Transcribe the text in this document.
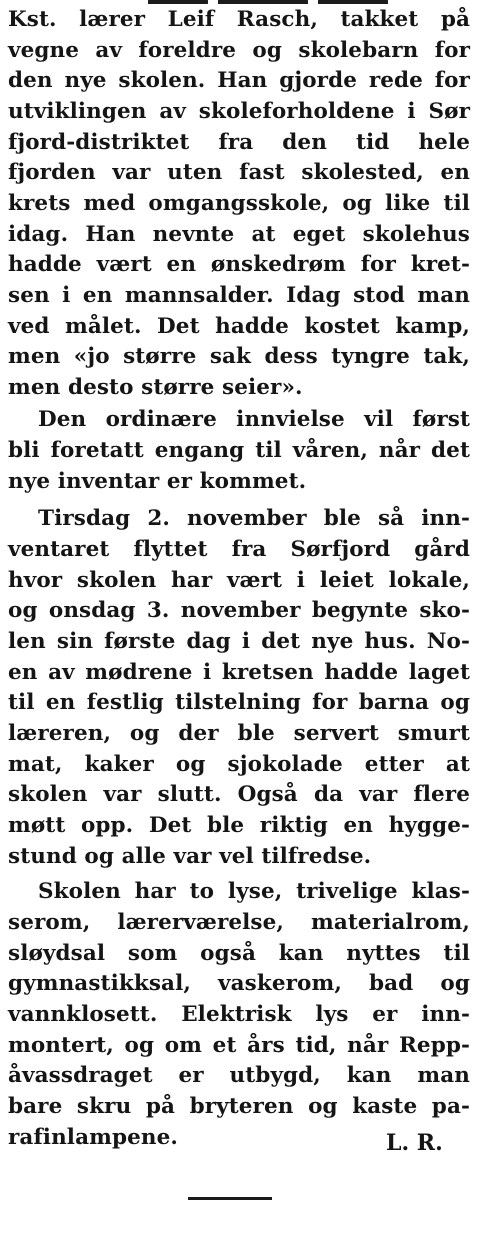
Kst. lærer Leif Rasch, takket på
vegne av foreldre og skolebarn for
den nye skolen. Han gjorde rede for
utviklingen av skoleforholdene i Sør
fjord-distriktet fra den tid hele
fjorden var uten fast skolested, en
krets med omgangsskole, og like til
idag. Han nevnte at eget skolehus
hadde vært en ønskedrøm for kret-
sen i en mannsalder. Idag stod man
ved målet. Det hadde kostet kamp,
men «jo større sak dess tyngre tak,
men desto større seier».
Den ordinære innvielse vil først
bli foretatt engang til våren, når det
nye inventar er kommet.
Tirsdag 2. november ble så inn-
ventaret flyttet fra Sørfjord gård
hvor skolen har vært i leiet lokale,
og onsdag 3. november begynte sko-
len sin første dag i det nye hus. No-
en av mødrene i kretsen hadde laget
til en festlig tilstelning for barna og
læreren, og der ble servert smurt
mat, kaker og sjokolade etter at
skolen var slutt. Også da var flere
møtt opp. Det ble riktig en hygge-
stund og alle var vel tilfredse.
Skolen har to lyse, trivelige klas-
serom, lærerværelse, materialrom,
sløydsal som også kan nyttes til
gymnastikksal, vaskerom, bad og
vannklosett. Elektrisk lys er inn-
montert, og om et års tid, når Repp-
åvassdraget er utbygd, kan man
bare skru på bryteren og kaste pa-
rafinlampene.	L. R.
